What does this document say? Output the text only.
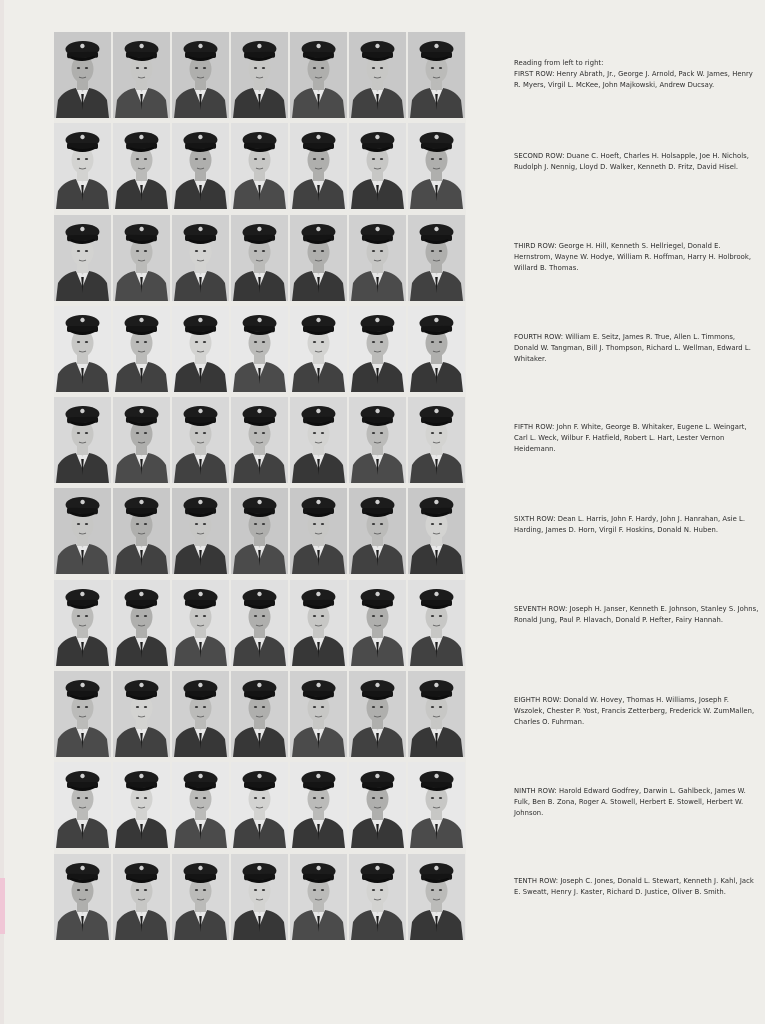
Reading from left to right:
FIRST ROW: Henry Abrath, Jr., George J. Arnold, Pack W. James, Henry R. Myers, Virgil L. McKee, John Majkowski, Andrew Ducsay.
SECOND ROW: Duane C. Hoeft, Charles H. Holsapple, Joe H. Nichols, Rudolph J. Nennig, Lloyd D. Walker, Kenneth D. Fritz, David Hisel.
THIRD ROW: George H. Hill, Kenneth S. Hellriegel, Donald E. Hernstrom, Wayne W. Hodye, William R. Hoffman, Harry H. Holbrook, Willard B. Thomas.
FOURTH ROW: William E. Seitz, James R. True, Allen L. Timmons, Donald W. Tangman, Bill J. Thompson, Richard L. Wellman, Edward L. Whitaker.
FIFTH ROW: John F. White, George B. Whitaker, Eugene L. Weingart, Carl L. Weck, Wilbur F. Hatfield, Robert L. Hart, Lester Vernon Heidemann.
SIXTH ROW: Dean L. Harris, John F. Hardy, John J. Hanrahan, Asie L. Harding, James D. Horn, Virgil F. Hoskins, Donald N. Huben.
SEVENTH ROW: Joseph H. Janser, Kenneth E. Johnson, Stanley S. Johns, Ronald Jung, Paul P. Hlavach, Donald P. Hefter, Fairy Hannah.
EIGHTH ROW: Donald W. Hovey, Thomas H. Williams, Joseph F. Wszolek, Chester P. Yost, Francis Zetterberg, Frederick W. ZumMallen, Charles O. Fuhrman.
NINTH ROW: Harold Edward Godfrey, Darwin L. Gahlbeck, James W. Fulk, Ben B. Zona, Roger A. Stowell, Herbert E. Stowell, Herbert W. Johnson.
TENTH ROW: Joseph C. Jones, Donald L. Stewart, Kenneth J. Kahl, Jack E. Sweatt, Henry J. Kaster, Richard D. Justice, Oliver B. Smith.
